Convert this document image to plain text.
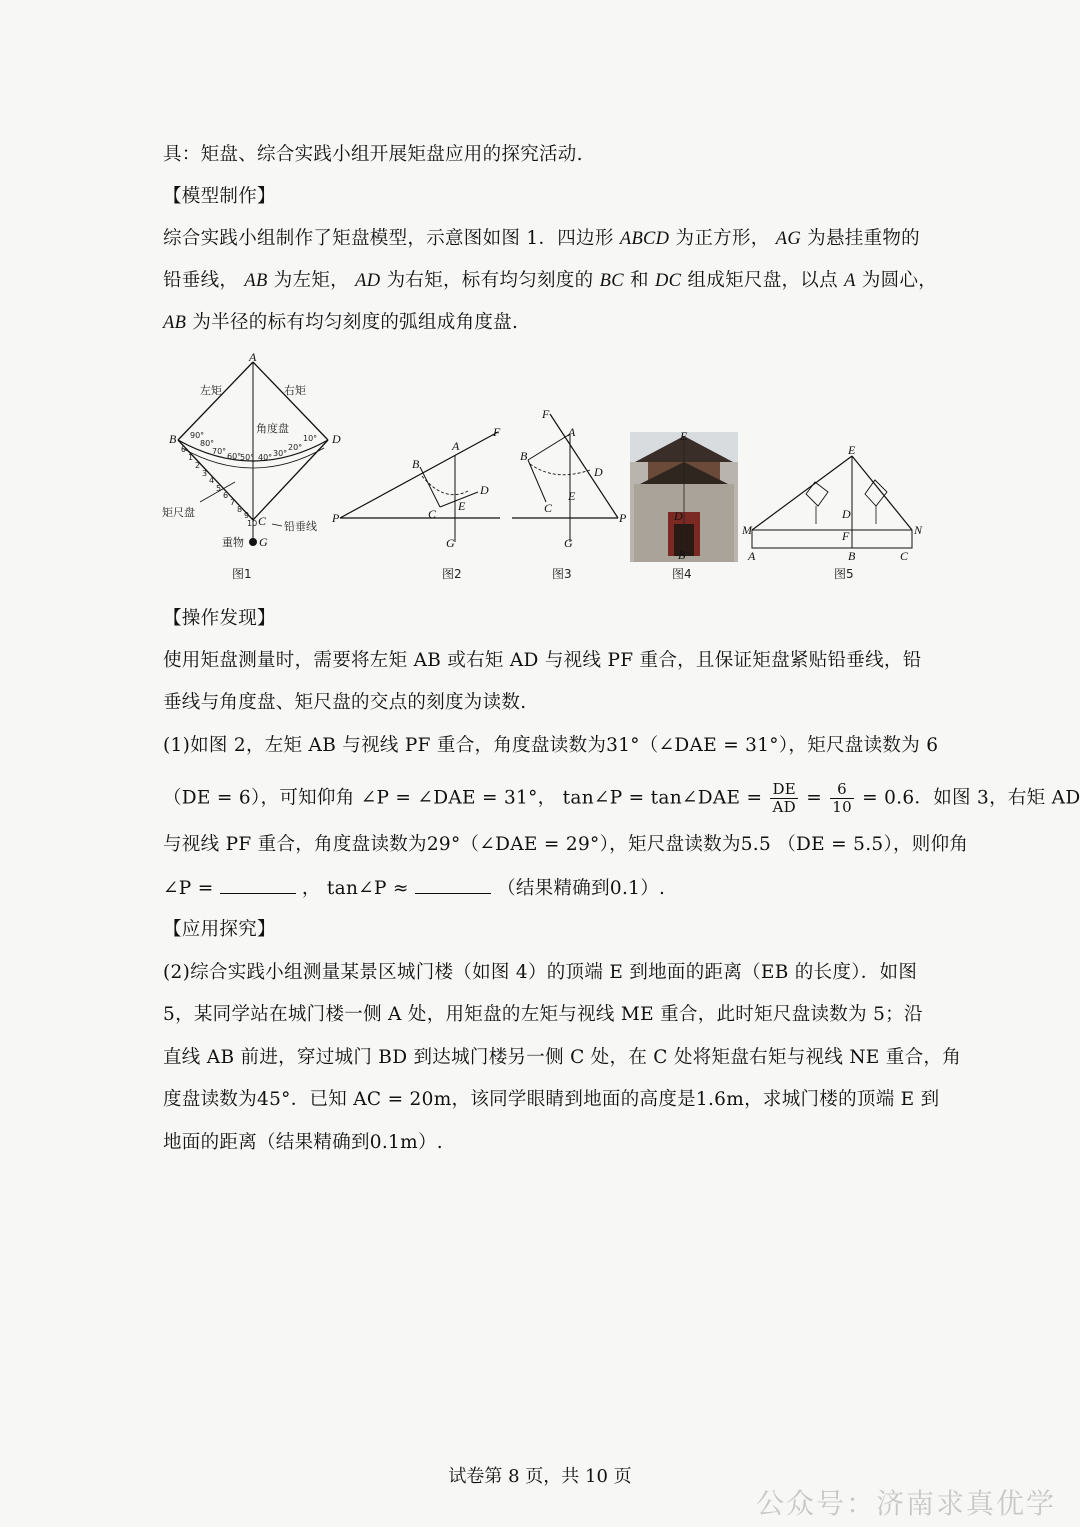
具：矩盘、综合实践小组开展矩盘应用的探究活动.
【模型制作】
综合实践小组制作了矩盘模型，示意图如图 1．四边形 ABCD 为正方形， AG 为悬挂重物的
铅垂线， AB 为左矩， AD 为右矩，标有均匀刻度的 BC 和 DC 组成矩尺盘，以点 A 为圆心，
AB 为半径的标有均匀刻度的弧组成角度盘.
A
B
C
D
G
左矩	右矩
角度盘
矩尺盘
铅垂线
重物
90°
80°
70°
60°
50° 40° 30°
20°
10°
0
1
2
3
4
5
6
7
8
9
10
图1
P
A
B
C
D
E
F
G
图2
F
A
B
C
D
E
G
P
图3
E
D
B
图4
E
M	N
D
F
A	B	C
图5
【操作发现】
使用矩盘测量时，需要将左矩 AB 或右矩 AD 与视线 PF 重合，且保证矩盘紧贴铅垂线，铅
垂线与角度盘、矩尺盘的交点的刻度为读数.
(1)如图 2，左矩 AB 与视线 PF 重合，角度盘读数为31°（∠DAE = 31°），矩尺盘读数为 6
（DE = 6），可知仰角 ∠P = ∠DAE = 31°， tan∠P = tan∠DAE = $\frac{DE}{AD} = \frac{6}{10} = 0.6$．如图 3，右矩 AD
与视线 PF 重合，角度盘读数为29°（∠DAE = 29°），矩尺盘读数为5.5 （DE = 5.5），则仰角
∠P =	， tan∠P ≈	（结果精确到0.1）.
【应用探究】
(2)综合实践小组测量某景区城门楼（如图 4）的顶端 E 到地面的距离（EB 的长度）．如图
5，某同学站在城门楼一侧 A 处，用矩盘的左矩与视线 ME 重合，此时矩尺盘读数为 5；沿
直线 AB 前进，穿过城门 BD 到达城门楼另一侧 C 处，在 C 处将矩盘右矩与视线 NE 重合，角
度盘读数为45°．已知 AC = 20m，该同学眼睛到地面的高度是1.6m，求城门楼的顶端 E 到
地面的距离（结果精确到0.1m）.
试卷第 8 页，共 10 页
公众号：济南求真优学
